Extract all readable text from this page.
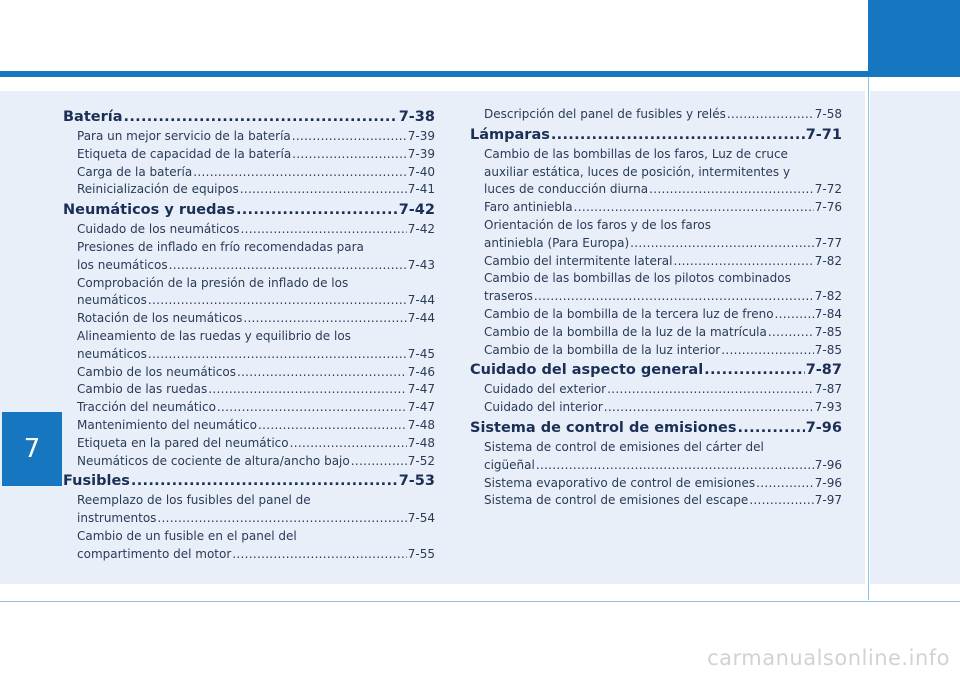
7
Batería .....	7-38
Para un mejor servicio de la batería .....	7-39
Etiqueta de capacidad de la batería .....	7-39
Carga de la batería .....	7-40
Reinicialización de equipos .....	7-41
Neumáticos y ruedas .....	7-42
Cuidado de los neumáticos .....	7-42
Presiones de inflado en frío recomendadas para
los neumáticos .....	7-43
Comprobación de la presión de inflado de los
neumáticos .....	7-44
Rotación de los neumáticos .....	7-44
Alineamiento de las ruedas y equilibrio de los
neumáticos .....	7-45
Cambio de los neumáticos .....	7-46
Cambio de las ruedas .....	7-47
Tracción del neumático .....	7-47
Mantenimiento del neumático .....	7-48
Etiqueta en la pared del neumático .....	7-48
Neumáticos de cociente de altura/ancho bajo .....	7-52
Fusibles .....	7-53
Reemplazo de los fusibles del panel de
instrumentos .....	7-54
Cambio de un fusible en el panel del
compartimento del motor .....	7-55
Descripción del panel de fusibles y relés .....	7-58
Lámparas .....	7-71
Cambio de las bombillas de los faros, Luz de cruce
auxiliar estática, luces de posición, intermitentes y
luces de conducción diurna .....	7-72
Faro antiniebla .....	7-76
Orientación de los faros y de los faros
antiniebla (Para Europa) .....	7-77
Cambio del intermitente lateral .....	7-82
Cambio de las bombillas de los pilotos combinados
traseros .....	7-82
Cambio de la bombilla de la tercera luz de freno .....	7-84
Cambio de la bombilla de la luz de la matrícula .....	7-85
Cambio de la bombilla de la luz interior .....	7-85
Cuidado del aspecto general .....	7-87
Cuidado del exterior .....	7-87
Cuidado del interior .....	7-93
Sistema de control de emisiones .....	7-96
Sistema de control de emisiones del cárter del
cigüeñal .....	7-96
Sistema evaporativo de control de emisiones .....	7-96
Sistema de control de emisiones del escape .....	7-97
carmanualsonline.info
